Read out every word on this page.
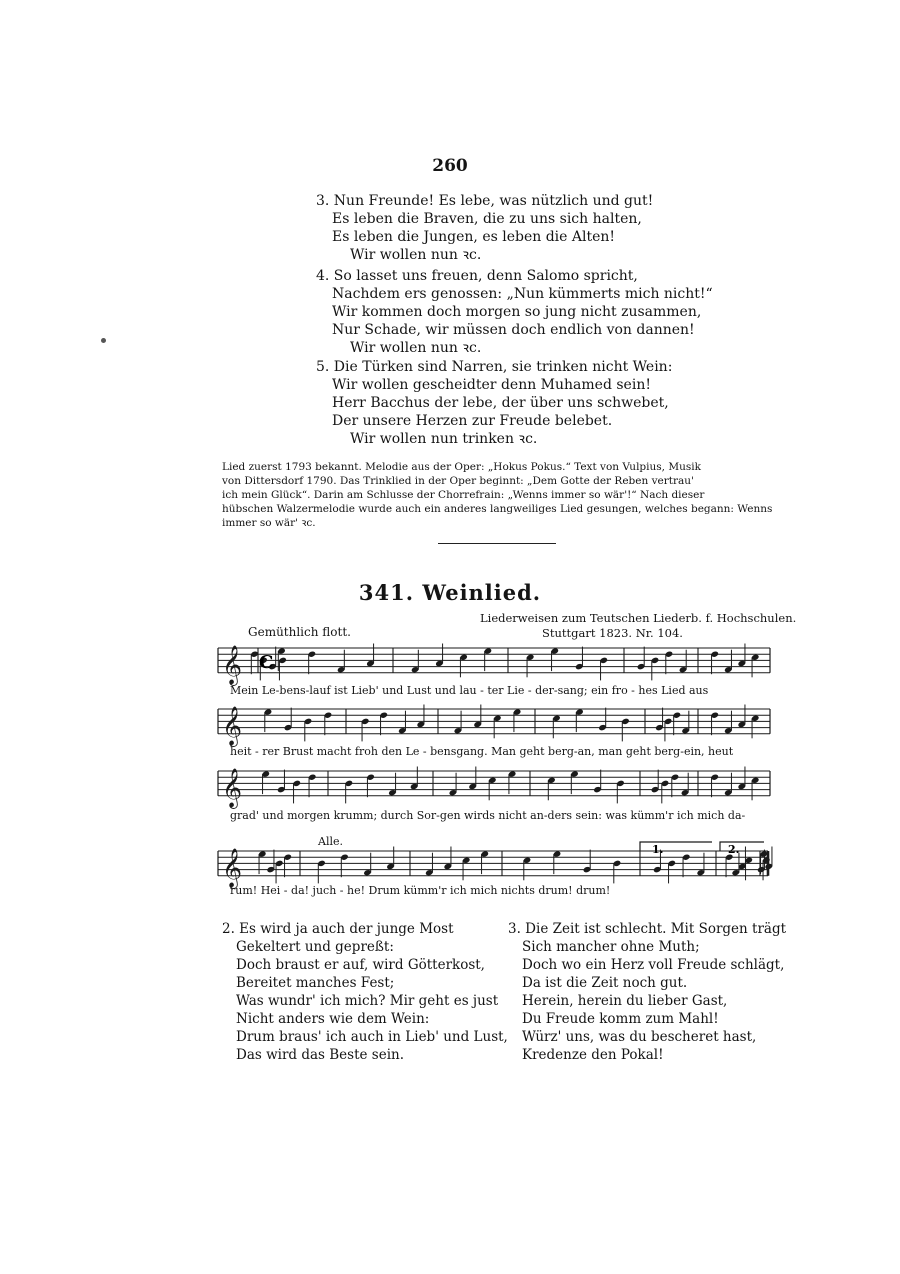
260
3. Nun Freunde! Es lebe, was nützlich und gut!
Es leben die Braven, die zu uns sich halten,
Es leben die Jungen, es leben die Alten!
Wir wollen nun ꝛc.
4. So lasset uns freuen, denn Salomo spricht,
Nachdem ers genossen: „Nun kümmerts mich nicht!“
Wir kommen doch morgen so jung nicht zusammen,
Nur Schade, wir müssen doch endlich von dannen!
Wir wollen nun ꝛc.
5. Die Türken sind Narren, sie trinken nicht Wein:
Wir wollen gescheidter denn Muhamed sein!
Herr Bacchus der lebe, der über uns schwebet,
Der unsere Herzen zur Freude belebet.
Wir wollen nun trinken ꝛc.
Lied zuerst 1793 bekannt. Melodie aus der Oper: „Hokus Pokus.“ Text von Vulpius, Musik
von Dittersdorf 1790. Das Trinklied in der Oper beginnt: „Dem Gotte der Reben vertrau'
ich mein Glück“. Darin am Schlusse der Chorrefrain: „Wenns immer so wär'!“ Nach dieser
hübschen Walzermelodie wurde auch ein anderes langweiliges Lied gesungen, welches begann: Wenns
immer so wär' ꝛc.
341. Weinlied.
Liederweisen zum Teutschen Liederb. f. Hochschulen.
Stuttgart 1823. Nr. 104.
Gemüthlich flott.
Alle.
𝄞
𝄞
𝄞
𝄞
C
1.	2.
Mein Le-bens-lauf ist Lieb' und Lust und lau - ter Lie - der-sang; ein fro - hes Lied aus
heit - rer Brust macht froh den Le - bensgang. Man geht berg-an, man geht berg-ein, heut
grad' und morgen krumm; durch Sor-gen wirds nicht an-ders sein: was kümm'r ich mich da-
rum! Hei - da! juch - he! Drum kümm'r ich mich nichts drum! drum!
2. Es wird ja auch der junge Most
Gekeltert und gepreßt:
Doch braust er auf, wird Götterkost,
Bereitet manches Fest;
Was wundr' ich mich? Mir geht es just
Nicht anders wie dem Wein:
Drum braus' ich auch in Lieb' und Lust,
Das wird das Beste sein.
3. Die Zeit ist schlecht. Mit Sorgen trägt
Sich mancher ohne Muth;
Doch wo ein Herz voll Freude schlägt,
Da ist die Zeit noch gut.
Herein, herein du lieber Gast,
Du Freude komm zum Mahl!
Würz' uns, was du bescheret hast,
Kredenze den Pokal!
